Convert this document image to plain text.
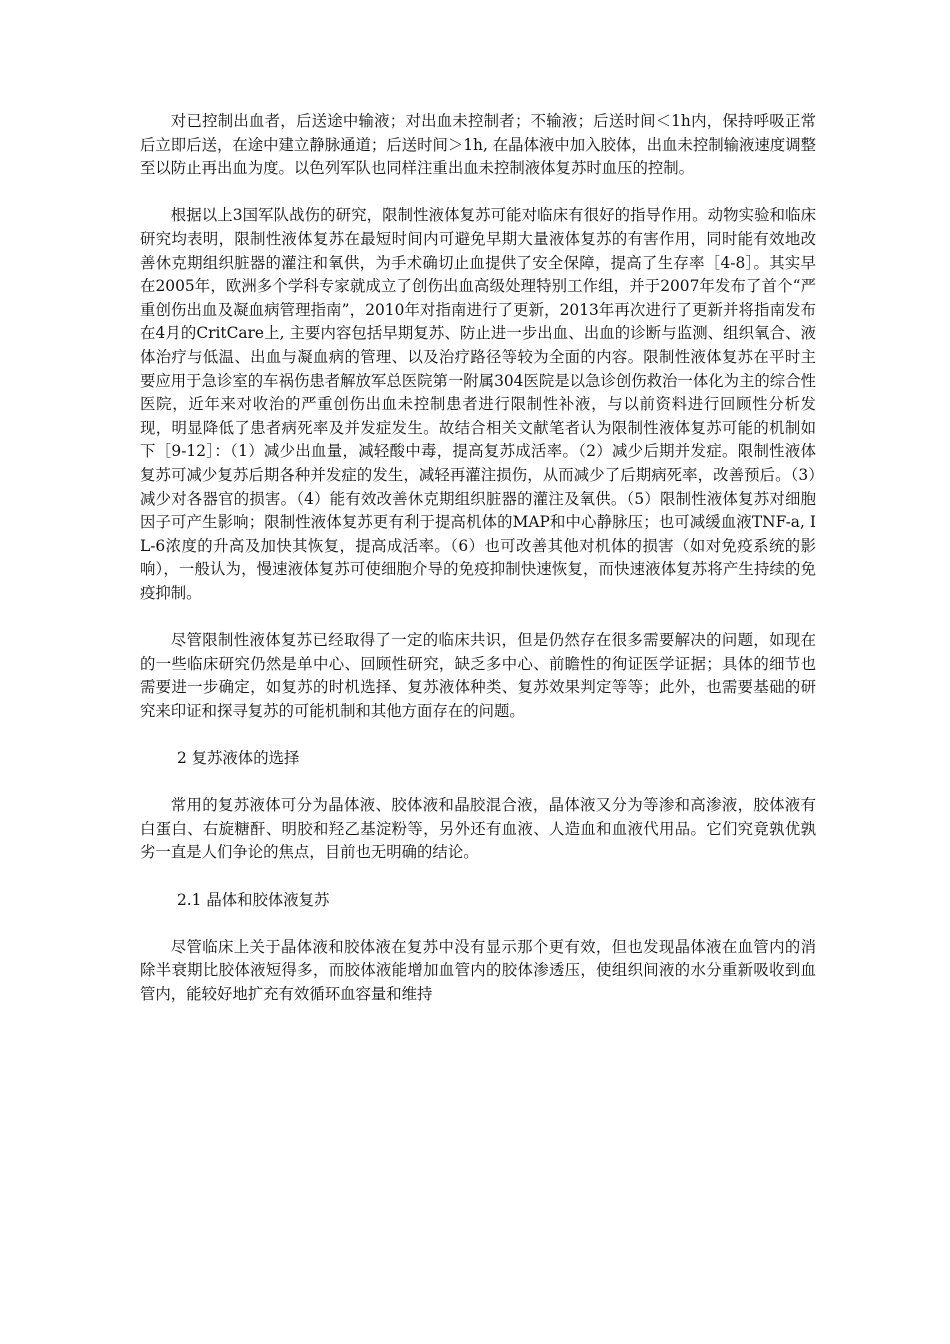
对已控制出血者，后送途中输液；对出血未控制者；不输液；后送时间＜1h内，保持呼吸正常后立即后送，在途中建立静脉通道；后送时间＞1h, 在晶体液中加入胶体，出血未控制输液速度调整至以防止再出血为度。以色列军队也同样注重出血未控制液体复苏时血压的控制。

根据以上3国军队战伤的研究，限制性液体复苏可能对临床有很好的指导作用。动物实验和临床研究均表明，限制性液体复苏在最短时间内可避免早期大量液体复苏的有害作用，同时能有效地改善休克期组织脏器的灌注和氧供，为手术确切止血提供了安全保障，提高了生存率［4-8］。其实早在2005年，欧洲多个学科专家就成立了创伤出血高级处理特别工作组，并于2007年发布了首个“严重创伤出血及凝血病管理指南”，2010年对指南进行了更新，2013年再次进行了更新并将指南发布在4月的CritCare上, 主要内容包括早期复苏、防止进一步出血、出血的诊断与监测、组织氧合、液体治疗与低温、出血与凝血病的管理、以及治疗路径等较为全面的内容。限制性液体复苏在平时主要应用于急诊室的车祸伤患者解放军总医院第一附属304医院是以急诊创伤救治一体化为主的综合性医院，近年来对收治的严重创伤出血未控制患者进行限制性补液，与以前资料进行回顾性分析发现，明显降低了患者病死率及并发症发生。故结合相关文献笔者认为限制性液体复苏可能的机制如下［9-12］：（1）减少出血量，减轻酸中毒，提高复苏成活率。（2）减少后期并发症。限制性液体复苏可减少复苏后期各种并发症的发生，减轻再灌注损伤，从而减少了后期病死率，改善预后。（3）减少对各器官的损害。（4）能有效改善休克期组织脏器的灌注及氧供。（5）限制性液体复苏对细胞因子可产生影响；限制性液体复苏更有利于提高机体的MAP和中心静脉压；也可减缓血液TNF-a, IL-6浓度的升高及加快其恢复，提高成活率。（6）也可改善其他对机体的损害（如对免疫系统的影响），一般认为，慢速液体复苏可使细胞介导的免疫抑制快速恢复，而快速液体复苏将产生持续的免疫抑制。

尽管限制性液体复苏已经取得了一定的临床共识，但是仍然存在很多需要解决的问题，如现在的一些临床研究仍然是单中心、回顾性研究，缺乏多中心、前瞻性的徇证医学证据；具体的细节也需要进一步确定，如复苏的时机选择、复苏液体种类、复苏效果判定等等；此外，也需要基础的研究来印证和探寻复苏的可能机制和其他方面存在的问题。

2 复苏液体的选择

常用的复苏液体可分为晶体液、胶体液和晶胶混合液，晶体液又分为等渗和高渗液，胶体液有白蛋白、右旋糖酐、明胶和羟乙基淀粉等，另外还有血液、人造血和血液代用品。它们究竟孰优孰劣一直是人们争论的焦点，目前也无明确的结论。

2.1 晶体和胶体液复苏

尽管临床上关于晶体液和胶体液在复苏中没有显示那个更有效，但也发现晶体液在血管内的消除半衰期比胶体液短得多，而胶体液能增加血管内的胶体渗透压，使组织间液的水分重新吸收到血管内，能较好地扩充有效循环血容量和维持
